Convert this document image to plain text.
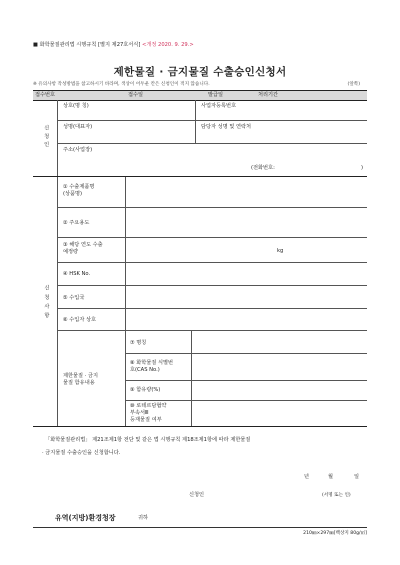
■ 화학물질관리법 시행규칙 [별지 제27호서식] <개정 2020. 9. 29.>
제한물질 · 금지물질 수출승인신청서
※ 유의사항 작성방법을 참고하시기 바라며, 색상이 어두운 칸은 신청인이 적지 않습니다.	(앞쪽)
접수번호	접수일	발급일	처리기간
신청인
상호(명 칭)	사업자등록번호
성명(대표자)	담당자 성명 및 연락처
주소(사업장)
(전화번호:	)
신청사항
① 수출제품명
(상품명)
② 주요용도
③ 해당 연도 수출
예정량	kg
④ HSK No.
⑤ 수입국
⑥ 수입자 상호
제한물질 · 금지
물질 함유내용
⑦ 명칭
⑧ 화학물질 식별번
호(CAS No.)
⑨ 함유량(%)
⑩ 로테르담협약
부속서Ⅲ
등재물질 여부
「화학물질관리법」 제21조제1항 전단 및 같은 법 시행규칙 제18조제1항에 따라 제한물질
· 금지물질 수출승인을 신청합니다.
년	월	일
신청인	(서명 또는 인)
유역(지방)환경청장	귀하
210㎜×297㎜[백상지 80g/㎡]
